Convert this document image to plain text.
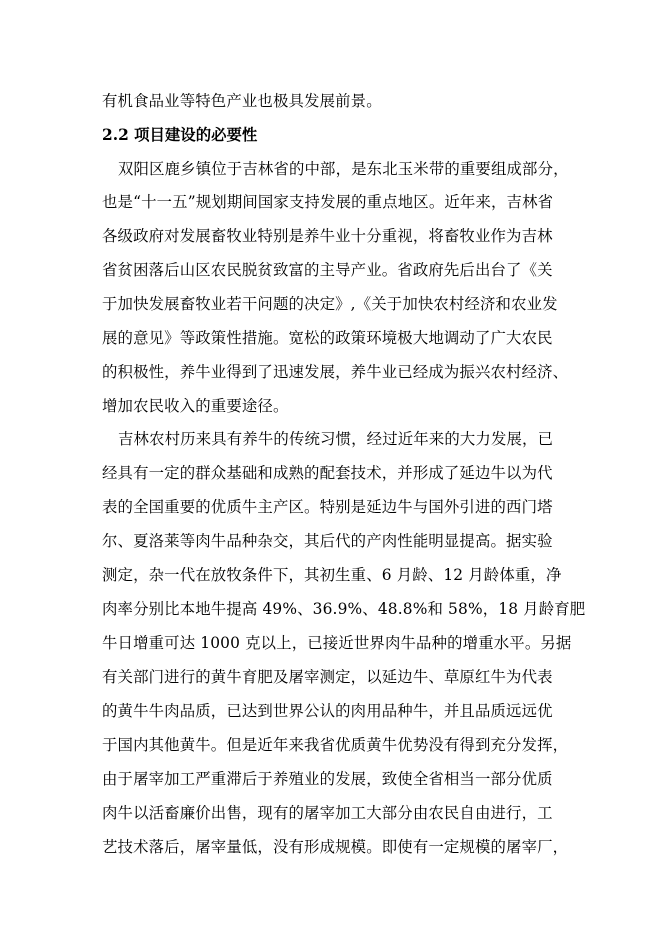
有机食品业等特色产业也极具发展前景。
2.2 项目建设的必要性
双阳区鹿乡镇位于吉林省的中部，是东北玉米带的重要组成部分，
也是“十一五”规划期间国家支持发展的重点地区。近年来，吉林省
各级政府对发展畜牧业特别是养牛业十分重视，将畜牧业作为吉林
省贫困落后山区农民脱贫致富的主导产业。省政府先后出台了《关
于加快发展畜牧业若干问题的决定》,《关于加快农村经济和农业发
展的意见》等政策性措施。宽松的政策环境极大地调动了广大农民
的积极性，养牛业得到了迅速发展，养牛业已经成为振兴农村经济、
增加农民收入的重要途径。
吉林农村历来具有养牛的传统习惯，经过近年来的大力发展，已
经具有一定的群众基础和成熟的配套技术，并形成了延边牛以为代
表的全国重要的优质牛主产区。特别是延边牛与国外引进的西门塔
尔、夏洛莱等肉牛品种杂交，其后代的产肉性能明显提高。据实验
测定，杂一代在放牧条件下，其初生重、6 月龄、12 月龄体重，净
肉率分别比本地牛提高 49%、36.9%、48.8%和 58%，18 月龄育肥
牛日增重可达 1000 克以上，已接近世界肉牛品种的增重水平。另据
有关部门进行的黄牛育肥及屠宰测定，以延边牛、草原红牛为代表
的黄牛牛肉品质，已达到世界公认的肉用品种牛，并且品质远远优
于国内其他黄牛。但是近年来我省优质黄牛优势没有得到充分发挥，
由于屠宰加工严重滞后于养殖业的发展，致使全省相当一部分优质
肉牛以活畜廉价出售，现有的屠宰加工大部分由农民自由进行，工
艺技术落后，屠宰量低，没有形成规模。即使有一定规模的屠宰厂，
